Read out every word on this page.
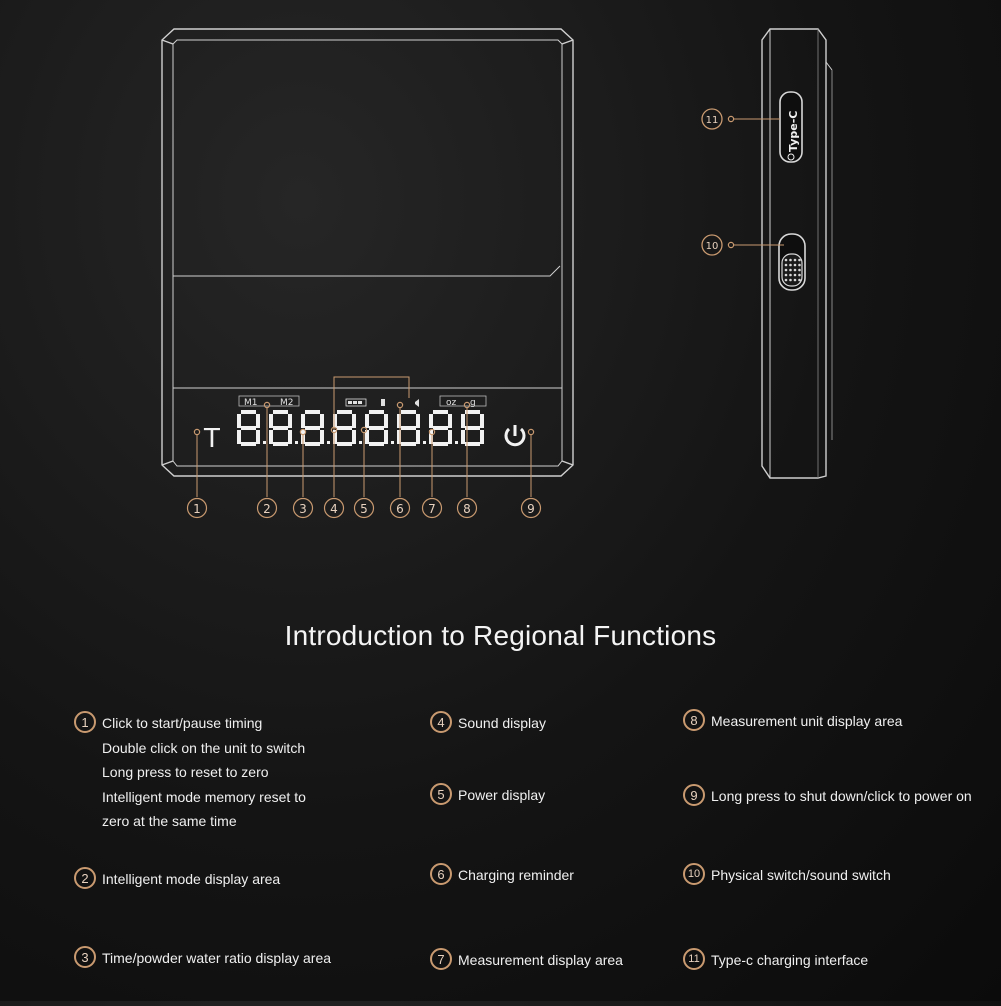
T
M1	M2	oz g
1	2 3 4 5 6 7 8	9
Type-C
11
10
Introduction to Regional Functions
1 Click to start/pause timing
Double click on the unit to switch
Long press to reset to zero
Intelligent mode memory reset to
zero at the same time
2 Intelligent mode display area
3 Time/powder water ratio display area
4 Sound display
5 Power display
6 Charging reminder
7 Measurement display area
8 Measurement unit display area
9 Long press to shut down/click to power on
10 Physical switch/sound switch
11 Type-c charging interface
